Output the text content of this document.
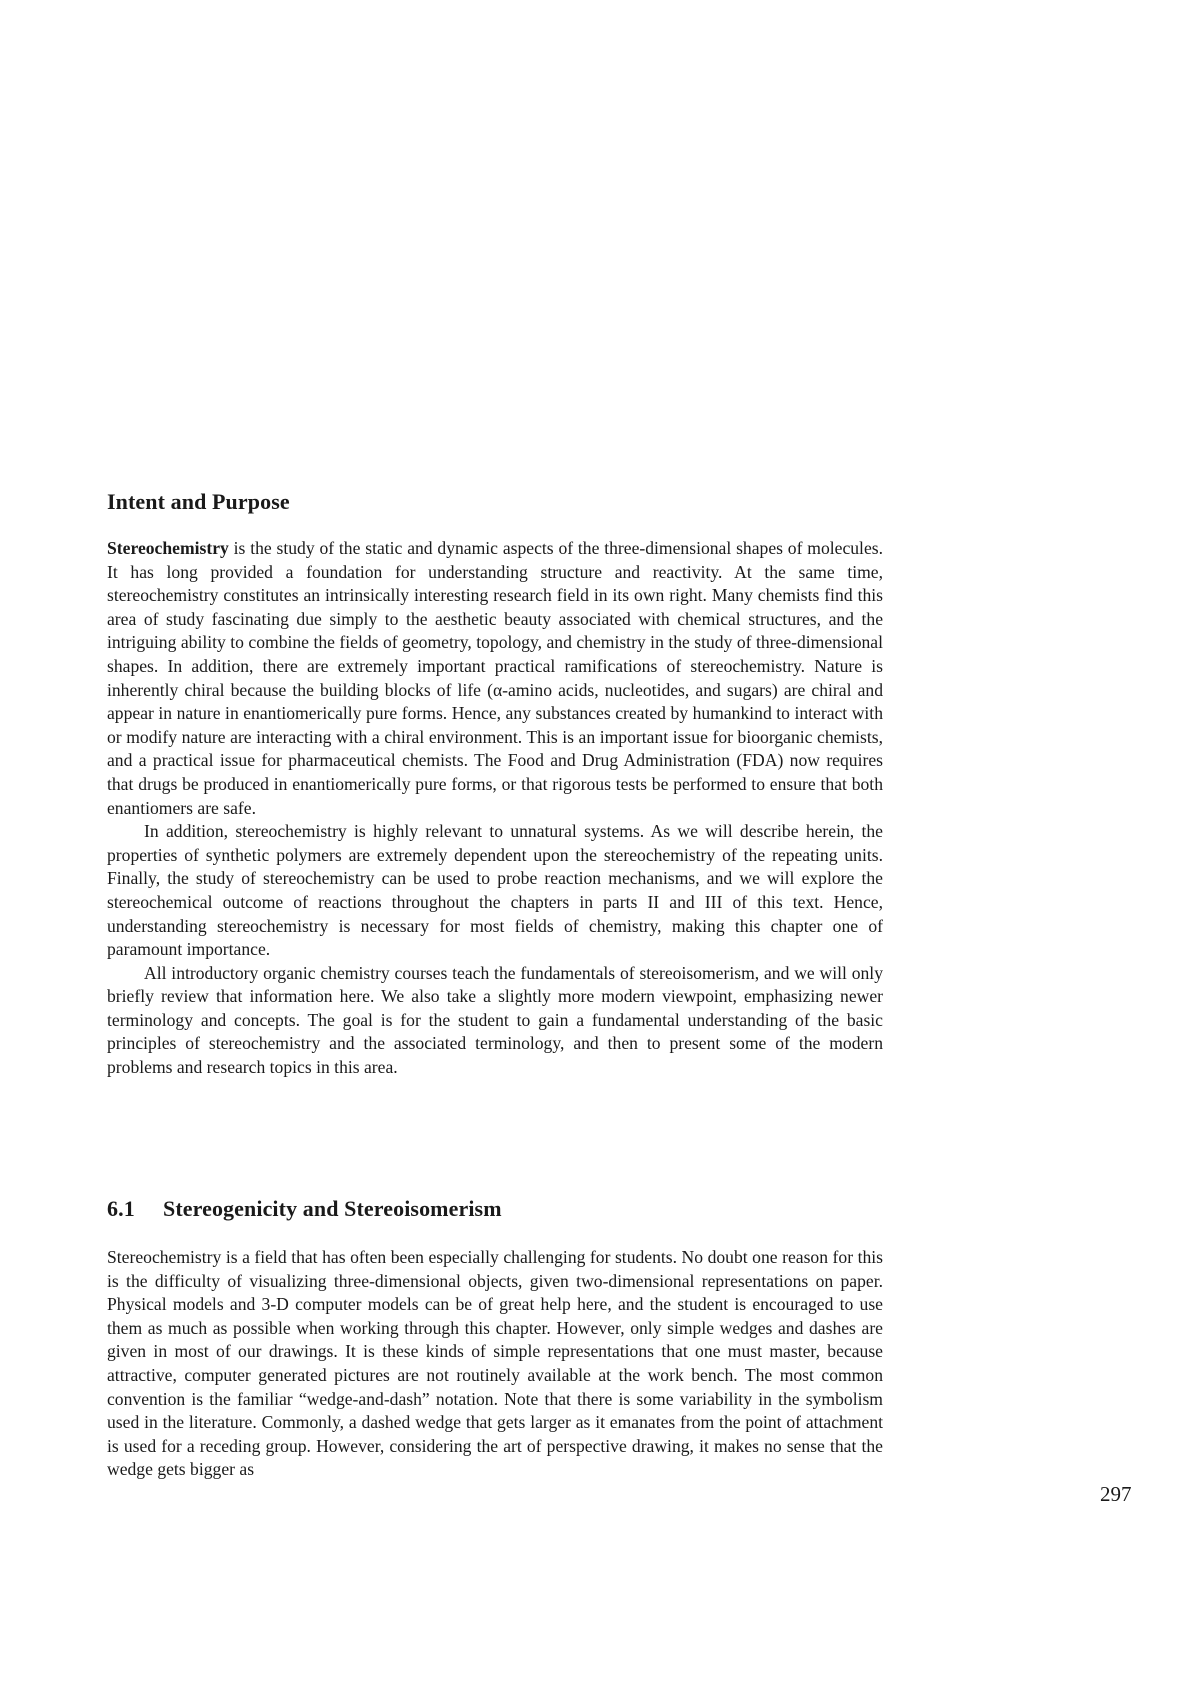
Intent and Purpose

Stereochemistry is the study of the static and dynamic aspects of the three-dimensional shapes of molecules. It has long provided a foundation for understanding structure and reactivity. At the same time, stereochemistry constitutes an intrinsically interesting research field in its own right. Many chemists find this area of study fascinating due simply to the aesthetic beauty associated with chemical structures, and the intriguing ability to combine the fields of geometry, topology, and chemistry in the study of three-dimensional shapes. In addition, there are extremely important practical ramifications of stereochemistry. Nature is inherently chiral because the building blocks of life (α-amino acids, nucleotides, and sugars) are chiral and appear in nature in enantiomerically pure forms. Hence, any substances created by humankind to interact with or modify nature are interacting with a chiral environment. This is an important issue for bioorganic chemists, and a practical issue for pharmaceutical chemists. The Food and Drug Administration (FDA) now requires that drugs be produced in enantiomerically pure forms, or that rigorous tests be performed to ensure that both enantiomers are safe.

In addition, stereochemistry is highly relevant to unnatural systems. As we will describe herein, the properties of synthetic polymers are extremely dependent upon the stereochemistry of the repeating units. Finally, the study of stereochemistry can be used to probe reaction mechanisms, and we will explore the stereochemical outcome of reactions throughout the chapters in parts II and III of this text. Hence, understanding stereochemistry is necessary for most fields of chemistry, making this chapter one of paramount importance.

All introductory organic chemistry courses teach the fundamentals of stereoisomerism, and we will only briefly review that information here. We also take a slightly more modern viewpoint, emphasizing newer terminology and concepts. The goal is for the student to gain a fundamental understanding of the basic principles of stereochemistry and the associated terminology, and then to present some of the modern problems and research topics in this area.

6.1 Stereogenicity and Stereoisomerism

Stereochemistry is a field that has often been especially challenging for students. No doubt one reason for this is the difficulty of visualizing three-dimensional objects, given two-dimensional representations on paper. Physical models and 3-D computer models can be of great help here, and the student is encouraged to use them as much as possible when working through this chapter. However, only simple wedges and dashes are given in most of our drawings. It is these kinds of simple representations that one must master, because attractive, computer generated pictures are not routinely available at the work bench. The most common convention is the familiar “wedge-and-dash” notation. Note that there is some variability in the symbolism used in the literature. Commonly, a dashed wedge that gets larger as it emanates from the point of attachment is used for a receding group. However, considering the art of perspective drawing, it makes no sense that the wedge gets bigger as

297
